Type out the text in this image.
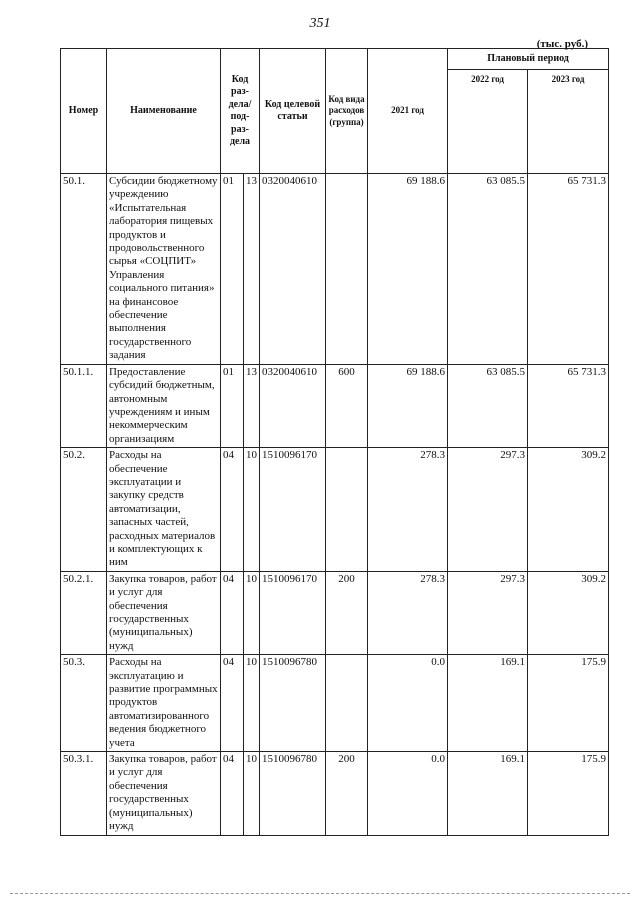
351
(тыс. руб.)
Номер	Наименование	Код раз-дела/ под-раз-дела		Код целевой статьи	Код вида расходов (группа)	2021 год	Плановый период	
							2022 год	2023 год
50.1.	Субсидии бюджетному учреждению «Испытательная лаборатория пищевых продуктов и продовольственного сырья «СОЦПИТ» Управления социального питания» на финансовое обеспечение выполнения государственного задания	01	13	0320040610		69 188.6	63 085.5	65 731.3
50.1.1.	Предоставление субсидий бюджетным, автономным учреждениям и иным некоммерческим организациям	01	13	0320040610	600	69 188.6	63 085.5	65 731.3
50.2.	Расходы на обеспечение эксплуатации и закупку средств автоматизации, запасных частей, расходных материалов и комплектующих к ним	04	10	1510096170		278.3	297.3	309.2
50.2.1.	Закупка товаров, работ и услуг для обеспечения государственных (муниципальных) нужд	04	10	1510096170	200	278.3	297.3	309.2
50.3.	Расходы на эксплуатацию и развитие программных продуктов автоматизированного ведения бюджетного учета	04	10	1510096780		0.0	169.1	175.9
50.3.1.	Закупка товаров, работ и услуг для обеспечения государственных (муниципальных) нужд	04	10	1510096780	200	0.0	169.1	175.9
